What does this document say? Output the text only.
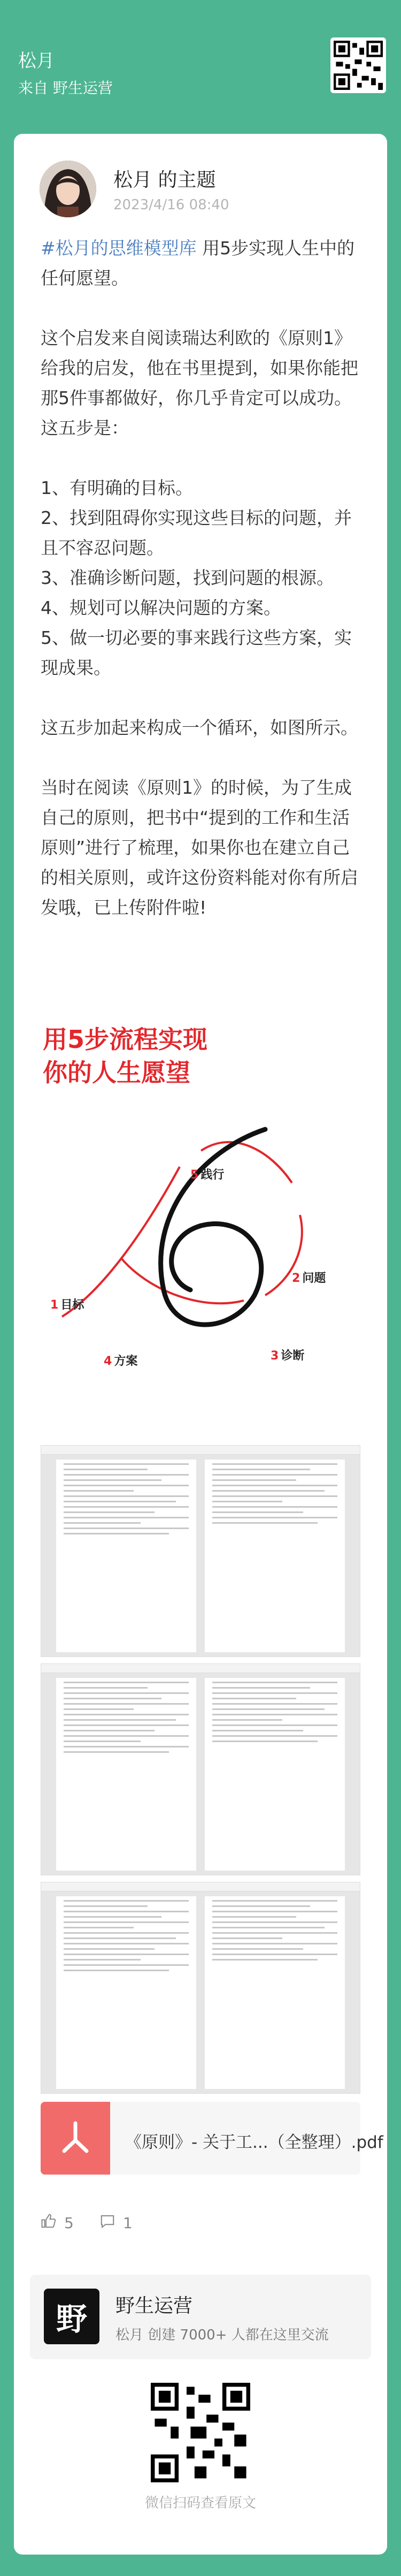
松月
来自 野生运营
松月 的主题
2023/4/16 08:40

#松月的思维模型库 用5步实现人生中的任何愿望。

这个启发来自阅读瑞达利欧的《原则1》给我的启发，他在书里提到，如果你能把那5件事都做好，你几乎肯定可以成功。这五步是：

1、有明确的目标。

2、找到阻碍你实现这些目标的问题，并且不容忍问题。

3、准确诊断问题，找到问题的根源。

4、规划可以解决问题的方案。

5、做一切必要的事来践行这些方案，实现成果。

这五步加起来构成一个循环，如图所示。

当时在阅读《原则1》的时候，为了生成自己的原则，把书中“提到的工作和生活原则”进行了梳理，如果你也在建立自己的相关原则，或许这份资料能对你有所启发哦，已上传附件啦!

用5步流程实现
你的人生愿望
1 目标
2 问题
3 诊断
4 方案
5 践行
《原则》- 关于工...（全整理）.pdf
5	1
野	野生运营
松月 创建 7000+ 人都在这里交流
微信扫码查看原文
